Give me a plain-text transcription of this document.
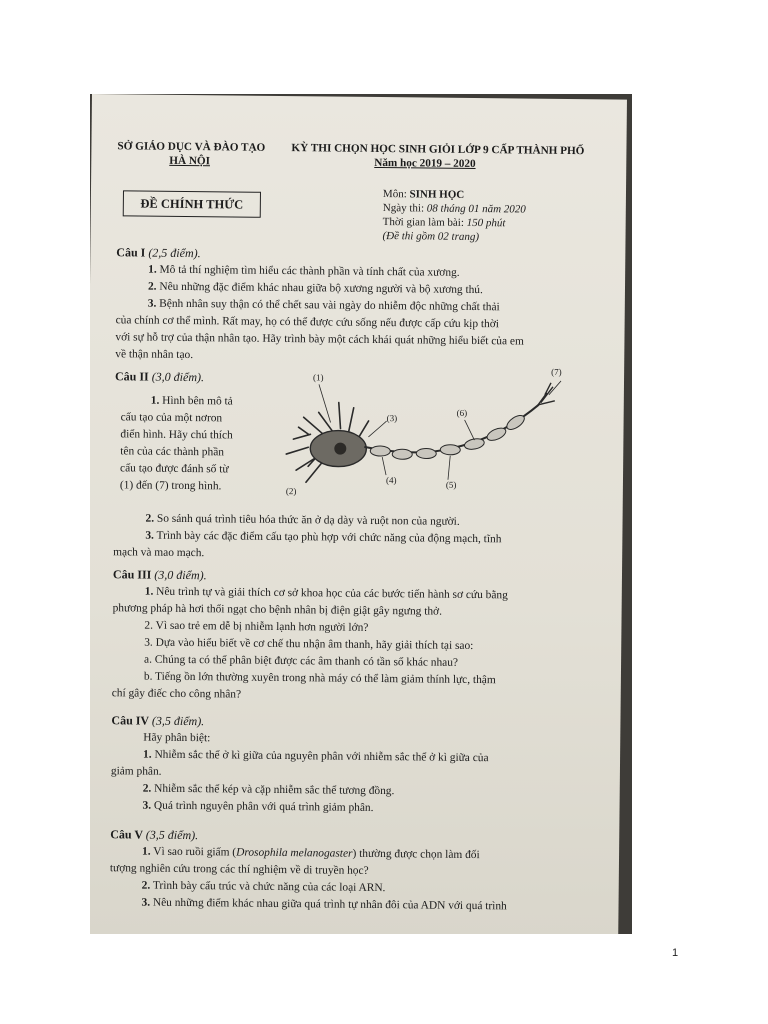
SỞ GIÁO DỤC VÀ ĐÀO TẠO
HÀ NỘI
KỲ THI CHỌN HỌC SINH GIỎI LỚP 9 CẤP THÀNH PHỐ
Năm học 2019 – 2020
ĐỀ CHÍNH THỨC
Môn: SINH HỌC
Ngày thi: 08 tháng 01 năm 2020
Thời gian làm bài: 150 phút
(Đề thi gồm 02 trang)
Câu I (2,5 điểm).
1. Mô tả thí nghiệm tìm hiểu các thành phần và tính chất của xương.
2. Nêu những đặc điểm khác nhau giữa bộ xương người và bộ xương thú.
3. Bệnh nhân suy thận có thể chết sau vài ngày do nhiễm độc những chất thải
của chính cơ thể mình. Rất may, họ có thể được cứu sống nếu được cấp cứu kịp thời
với sự hỗ trợ của thận nhân tạo. Hãy trình bày một cách khái quát những hiểu biết của em
về thận nhân tạo.
Câu II (3,0 điểm).
1. Hình bên mô tả
cấu tạo của một nơron
điển hình. Hãy chú thích
tên của các thành phần
cấu tạo được đánh số từ
(1) đến (7) trong hình.
(1)
(2)
(3)
(4)	(5)
(6)
(7)
2. So sánh quá trình tiêu hóa thức ăn ở dạ dày và ruột non của người.
3. Trình bày các đặc điểm cấu tạo phù hợp với chức năng của động mạch, tĩnh
mạch và mao mạch.
Câu III (3,0 điểm).
1. Nêu trình tự và giải thích cơ sở khoa học của các bước tiến hành sơ cứu bằng
phương pháp hà hơi thổi ngạt cho bệnh nhân bị điện giật gây ngưng thở.
2. Vì sao trẻ em dễ bị nhiễm lạnh hơn người lớn?
3. Dựa vào hiểu biết về cơ chế thu nhận âm thanh, hãy giải thích tại sao:
a. Chúng ta có thể phân biệt được các âm thanh có tần số khác nhau?
b. Tiếng ồn lớn thường xuyên trong nhà máy có thể làm giảm thính lực, thậm
chí gây điếc cho công nhân?
Câu IV (3,5 điểm).
Hãy phân biệt:
1. Nhiễm sắc thể ở kì giữa của nguyên phân với nhiễm sắc thể ở kì giữa của
giảm phân.
2. Nhiễm sắc thể kép và cặp nhiễm sắc thể tương đồng.
3. Quá trình nguyên phân với quá trình giảm phân.
Câu V (3,5 điểm).
1. Vì sao ruồi giấm (Drosophila melanogaster) thường được chọn làm đối
tượng nghiên cứu trong các thí nghiệm về di truyền học?
2. Trình bày cấu trúc và chức năng của các loại ARN.
3. Nêu những điểm khác nhau giữa quá trình tự nhân đôi của ADN với quá trình
1
